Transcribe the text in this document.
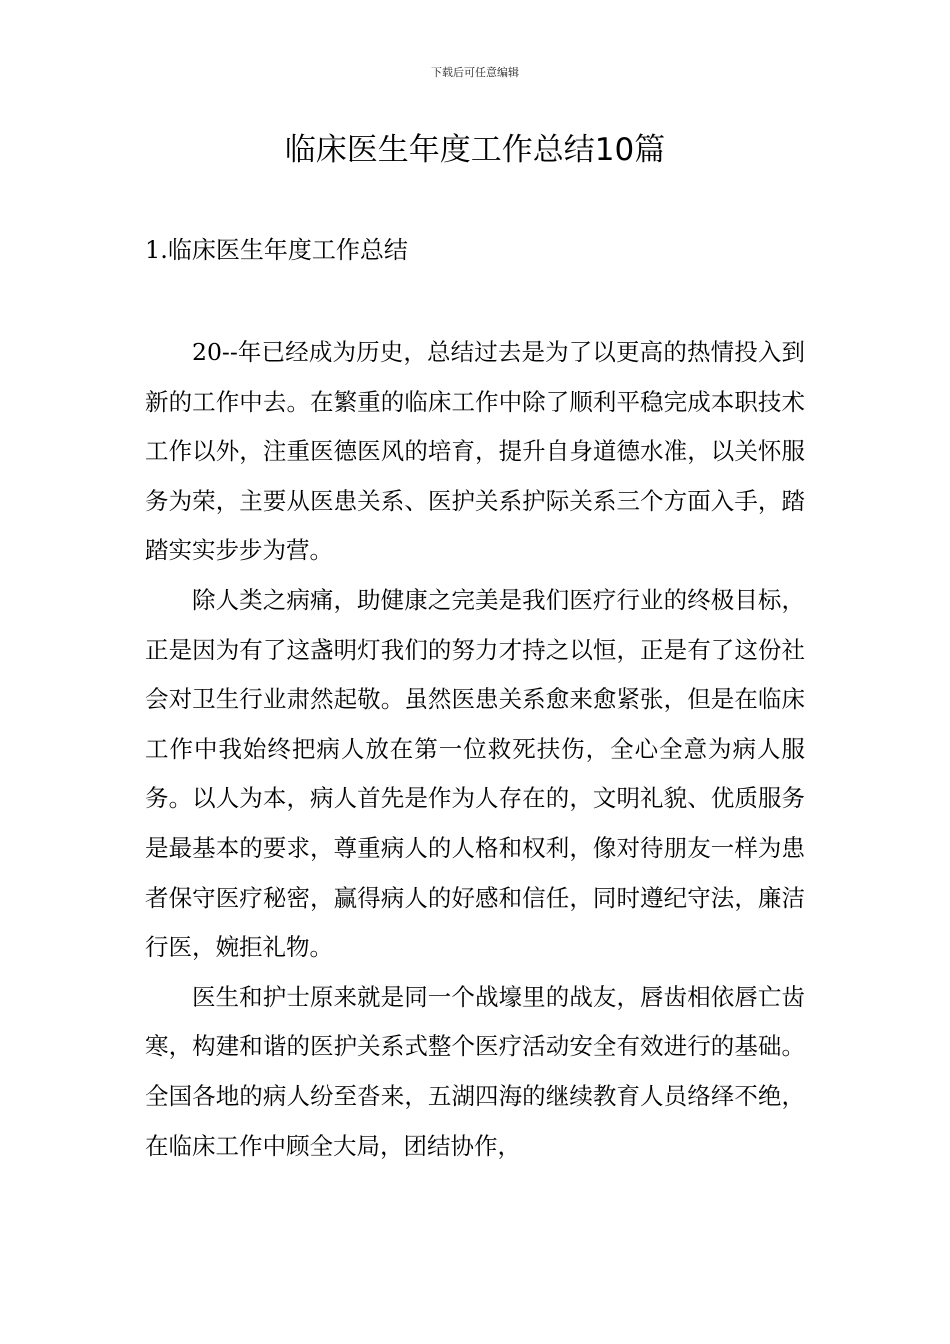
下载后可任意编辑
临床医生年度工作总结10篇
1.临床医生年度工作总结

20--年已经成为历史，总结过去是为了以更高的热情投入到新的工作中去。在繁重的临床工作中除了顺利平稳完成本职技术工作以外，注重医德医风的培育，提升自身道德水准，以关怀服务为荣，主要从医患关系、医护关系护际关系三个方面入手，踏踏实实步步为营。

除人类之病痛，助健康之完美是我们医疗行业的终极目标，正是因为有了这盏明灯我们的努力才持之以恒，正是有了这份社会对卫生行业肃然起敬。虽然医患关系愈来愈紧张，但是在临床工作中我始终把病人放在第一位救死扶伤，全心全意为病人服务。以人为本，病人首先是作为人存在的，文明礼貌、优质服务是最基本的要求，尊重病人的人格和权利，像对待朋友一样为患者保守医疗秘密，赢得病人的好感和信任，同时遵纪守法，廉洁行医，婉拒礼物。

医生和护士原来就是同一个战壕里的战友，唇齿相依唇亡齿寒，构建和谐的医护关系式整个医疗活动安全有效进行的基础。全国各地的病人纷至沓来，五湖四海的继续教育人员络绎不绝，在临床工作中顾全大局，团结协作，
